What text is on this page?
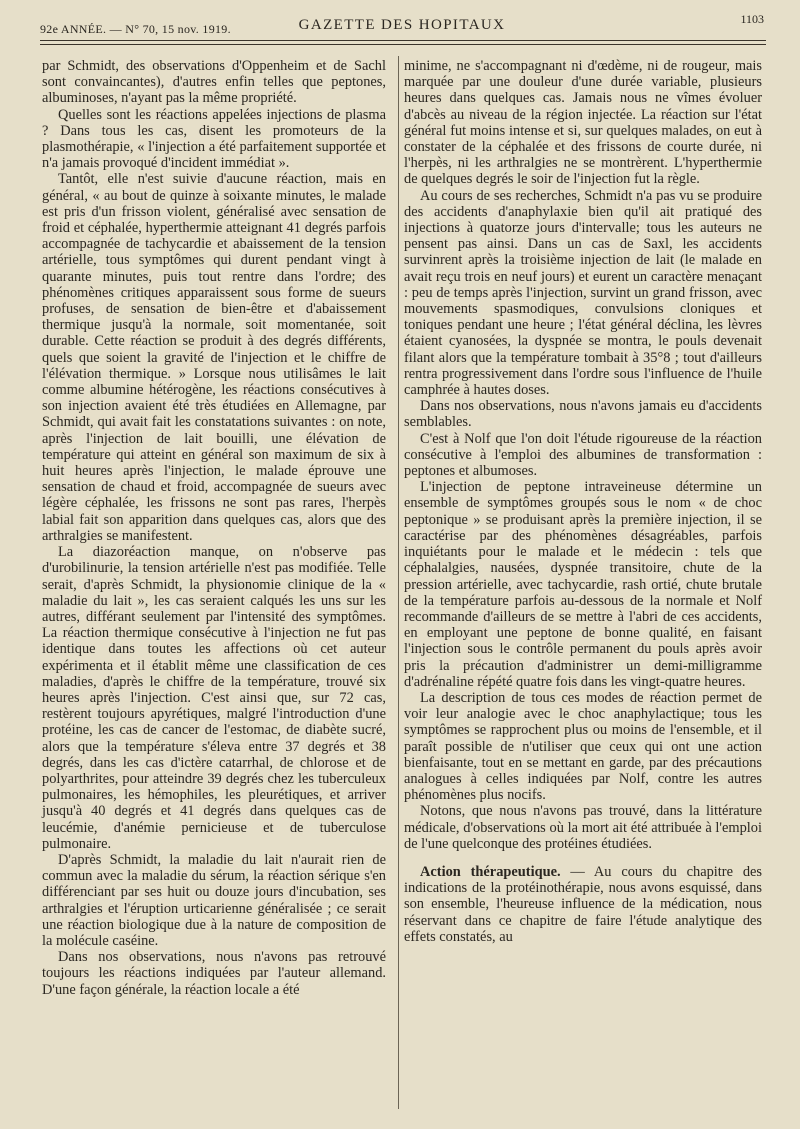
92e ANNÉE. — N° 70, 15 nov. 1919.	GAZETTE DES HOPITAUX	1103

par Schmidt, des observations d'Oppenheim et de Sachl sont convaincantes), d'autres enfin telles que peptones, albuminoses, n'ayant pas la même propriété.

Quelles sont les réactions appelées injections de plasma ? Dans tous les cas, disent les promoteurs de la plasmothérapie, « l'injection a été parfaitement supportée et n'a jamais provoqué d'incident immédiat ».

Tantôt, elle n'est suivie d'aucune réaction, mais en général, « au bout de quinze à soixante minutes, le malade est pris d'un frisson violent, généralisé avec sensation de froid et céphalée, hyperthermie atteignant 41 degrés parfois accompagnée de tachycardie et abaissement de la tension artérielle, tous symptômes qui durent pendant vingt à quarante minutes, puis tout rentre dans l'ordre; des phénomènes critiques apparaissent sous forme de sueurs profuses, de sensation de bien-être et d'abaissement thermique jusqu'à la normale, soit momentanée, soit durable. Cette réaction se produit à des degrés différents, quels que soient la gravité de l'injection et le chiffre de l'élévation thermique. » Lorsque nous utilisâmes le lait comme albumine hétérogène, les réactions consécutives à son injection avaient été très étudiées en Allemagne, par Schmidt, qui avait fait les constatations suivantes : on note, après l'injection de lait bouilli, une élévation de température qui atteint en général son maximum de six à huit heures après l'injection, le malade éprouve une sensation de chaud et froid, accompagnée de sueurs avec légère céphalée, les frissons ne sont pas rares, l'herpès labial fait son apparition dans quelques cas, alors que des arthralgies se manifestent.

La diazoréaction manque, on n'observe pas d'urobilinurie, la tension artérielle n'est pas modifiée. Telle serait, d'après Schmidt, la physionomie clinique de la « maladie du lait », les cas seraient calqués les uns sur les autres, différant seulement par l'intensité des symptômes. La réaction thermique consécutive à l'injection ne fut pas identique dans toutes les affections où cet auteur expérimenta et il établit même une classification de ces maladies, d'après le chiffre de la température, trouvé six heures après l'injection. C'est ainsi que, sur 72 cas, restèrent toujours apyrétiques, malgré l'introduction d'une protéine, les cas de cancer de l'estomac, de diabète sucré, alors que la température s'éleva entre 37 degrés et 38 degrés, dans les cas d'ictère catarrhal, de chlorose et de polyarthrites, pour atteindre 39 degrés chez les tuberculeux pulmonaires, les hémophiles, les pleurétiques, et arriver jusqu'à 40 degrés et 41 degrés dans quelques cas de leucémie, d'anémie pernicieuse et de tuberculose pulmonaire.

D'après Schmidt, la maladie du lait n'aurait rien de commun avec la maladie du sérum, la réaction sérique s'en différenciant par ses huit ou douze jours d'incubation, ses arthralgies et l'éruption urticarienne généralisée ; ce serait une réaction biologique due à la nature de composition de la molécule caséine.

Dans nos observations, nous n'avons pas retrouvé toujours les réactions indiquées par l'auteur allemand. D'une façon générale, la réaction locale a été

minime, ne s'accompagnant ni d'œdème, ni de rougeur, mais marquée par une douleur d'une durée variable, plusieurs heures dans quelques cas. Jamais nous ne vîmes évoluer d'abcès au niveau de la région injectée. La réaction sur l'état général fut moins intense et si, sur quelques malades, on eut à constater de la céphalée et des frissons de courte durée, ni l'herpès, ni les arthralgies ne se montrèrent. L'hyperthermie de quelques degrés le soir de l'injection fut la règle.

Au cours de ses recherches, Schmidt n'a pas vu se produire des accidents d'anaphylaxie bien qu'il ait pratiqué des injections à quatorze jours d'intervalle; tous les auteurs ne pensent pas ainsi. Dans un cas de Saxl, les accidents survinrent après la troisième injection de lait (le malade en avait reçu trois en neuf jours) et eurent un caractère menaçant : peu de temps après l'injection, survint un grand frisson, avec mouvements spasmodiques, convulsions cloniques et toniques pendant une heure ; l'état général déclina, les lèvres étaient cyanosées, la dyspnée se montra, le pouls devenait filant alors que la température tombait à 35°8 ; tout d'ailleurs rentra progressivement dans l'ordre sous l'influence de l'huile camphrée à hautes doses.

Dans nos observations, nous n'avons jamais eu d'accidents semblables.

C'est à Nolf que l'on doit l'étude rigoureuse de la réaction consécutive à l'emploi des albumines de transformation : peptones et albumoses.

L'injection de peptone intraveineuse détermine un ensemble de symptômes groupés sous le nom « de choc peptonique » se produisant après la première injection, il se caractérise par des phénomènes désagréables, parfois inquiétants pour le malade et le médecin : tels que céphalalgies, nausées, dyspnée transitoire, chute de la pression artérielle, avec tachycardie, rash ortié, chute brutale de la température parfois au-dessous de la normale et Nolf recommande d'ailleurs de se mettre à l'abri de ces accidents, en employant une peptone de bonne qualité, en faisant l'injection sous le contrôle permanent du pouls après avoir pris la précaution d'administrer un demi-milligramme d'adrénaline répété quatre fois dans les vingt-quatre heures.

La description de tous ces modes de réaction permet de voir leur analogie avec le choc anaphylactique; tous les symptômes se rapprochent plus ou moins de l'ensemble, et il paraît possible de n'utiliser que ceux qui ont une action bienfaisante, tout en se mettant en garde, par des précautions analogues à celles indiquées par Nolf, contre les autres phénomènes plus nocifs.

Notons, que nous n'avons pas trouvé, dans la littérature médicale, d'observations où la mort ait été attribuée à l'emploi de l'une quelconque des protéines étudiées.

Action thérapeutique. — Au cours du chapitre des indications de la protéinothérapie, nous avons esquissé, dans son ensemble, l'heureuse influence de la médication, nous réservant dans ce chapitre de faire l'étude analytique des effets constatés, au
